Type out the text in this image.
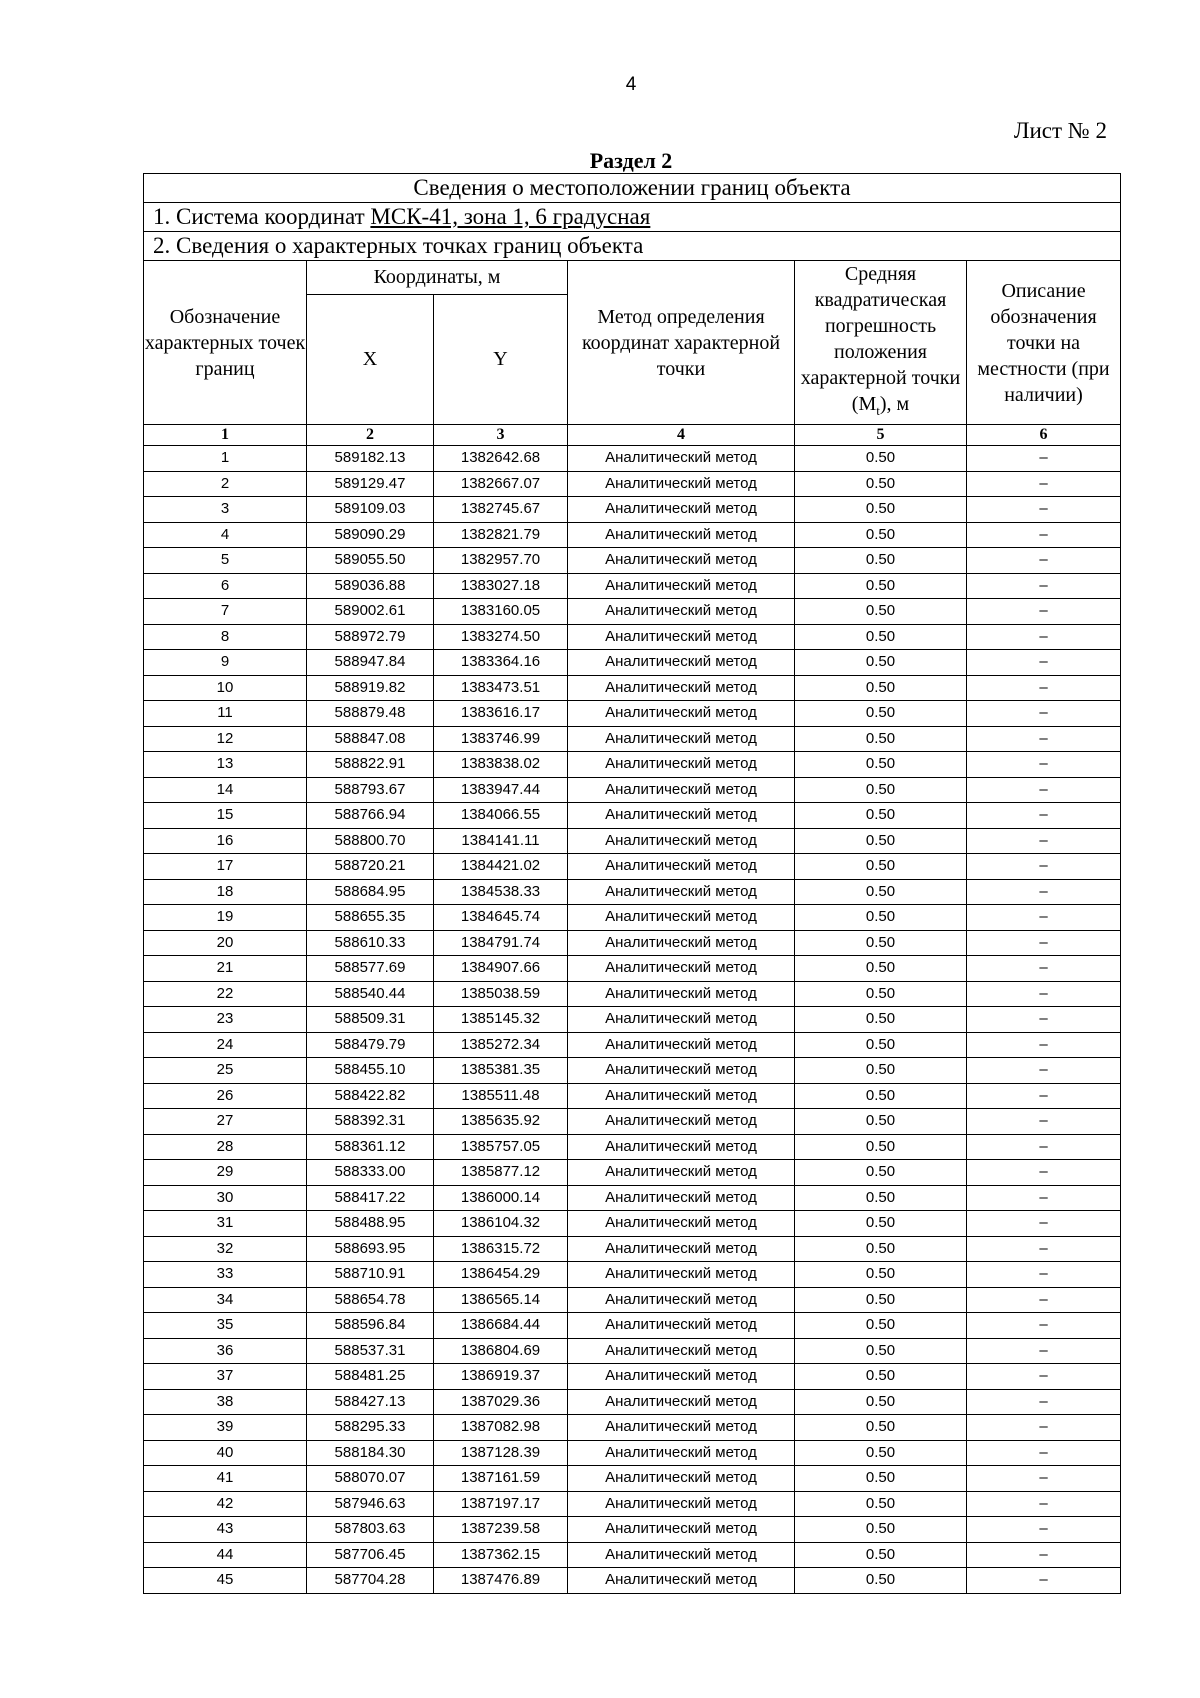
4
Лист № 2
Раздел 2
Сведения о местоположении границ объекта					
1. Система координат МСК-41, зона 1, 6 градусная					
2. Сведения о характерных точках границ объекта					
Обозначение характерных точек границ	Координаты, м		Метод определения координат характерной точки	Средняя квадратическая погрешность положения характерной точки $(M_t)$, м	Описание обозначения точки на местности (при наличии)
	X	Y			
1	2	3	4	5	6
1	589182.13	1382642.68	Аналитический метод	0.50	–
2	589129.47	1382667.07	Аналитический метод	0.50	–
3	589109.03	1382745.67	Аналитический метод	0.50	–
4	589090.29	1382821.79	Аналитический метод	0.50	–
5	589055.50	1382957.70	Аналитический метод	0.50	–
6	589036.88	1383027.18	Аналитический метод	0.50	–
7	589002.61	1383160.05	Аналитический метод	0.50	–
8	588972.79	1383274.50	Аналитический метод	0.50	–
9	588947.84	1383364.16	Аналитический метод	0.50	–
10	588919.82	1383473.51	Аналитический метод	0.50	–
11	588879.48	1383616.17	Аналитический метод	0.50	–
12	588847.08	1383746.99	Аналитический метод	0.50	–
13	588822.91	1383838.02	Аналитический метод	0.50	–
14	588793.67	1383947.44	Аналитический метод	0.50	–
15	588766.94	1384066.55	Аналитический метод	0.50	–
16	588800.70	1384141.11	Аналитический метод	0.50	–
17	588720.21	1384421.02	Аналитический метод	0.50	–
18	588684.95	1384538.33	Аналитический метод	0.50	–
19	588655.35	1384645.74	Аналитический метод	0.50	–
20	588610.33	1384791.74	Аналитический метод	0.50	–
21	588577.69	1384907.66	Аналитический метод	0.50	–
22	588540.44	1385038.59	Аналитический метод	0.50	–
23	588509.31	1385145.32	Аналитический метод	0.50	–
24	588479.79	1385272.34	Аналитический метод	0.50	–
25	588455.10	1385381.35	Аналитический метод	0.50	–
26	588422.82	1385511.48	Аналитический метод	0.50	–
27	588392.31	1385635.92	Аналитический метод	0.50	–
28	588361.12	1385757.05	Аналитический метод	0.50	–
29	588333.00	1385877.12	Аналитический метод	0.50	–
30	588417.22	1386000.14	Аналитический метод	0.50	–
31	588488.95	1386104.32	Аналитический метод	0.50	–
32	588693.95	1386315.72	Аналитический метод	0.50	–
33	588710.91	1386454.29	Аналитический метод	0.50	–
34	588654.78	1386565.14	Аналитический метод	0.50	–
35	588596.84	1386684.44	Аналитический метод	0.50	–
36	588537.31	1386804.69	Аналитический метод	0.50	–
37	588481.25	1386919.37	Аналитический метод	0.50	–
38	588427.13	1387029.36	Аналитический метод	0.50	–
39	588295.33	1387082.98	Аналитический метод	0.50	–
40	588184.30	1387128.39	Аналитический метод	0.50	–
41	588070.07	1387161.59	Аналитический метод	0.50	–
42	587946.63	1387197.17	Аналитический метод	0.50	–
43	587803.63	1387239.58	Аналитический метод	0.50	–
44	587706.45	1387362.15	Аналитический метод	0.50	–
45	587704.28	1387476.89	Аналитический метод	0.50	–
